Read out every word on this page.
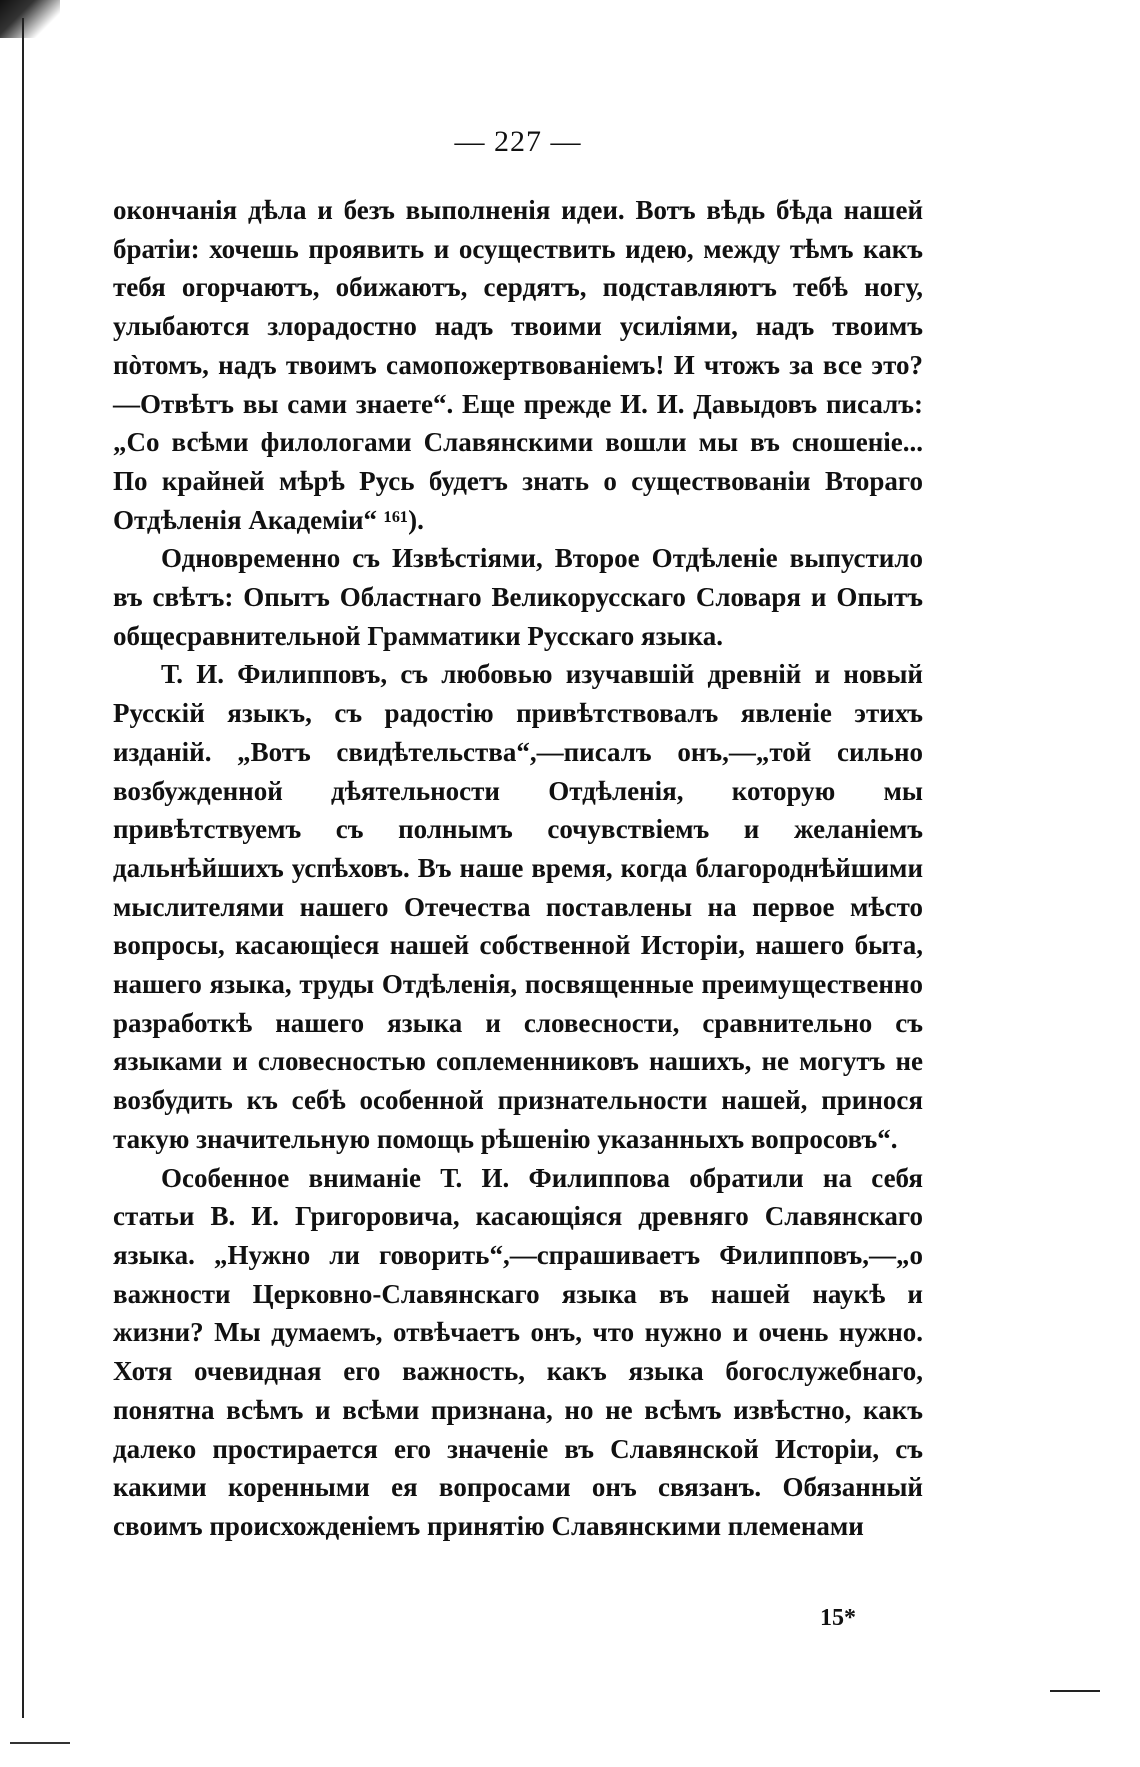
— 227 —

окончанія дѣла и безъ выполненія идеи. Вотъ вѣдь бѣда нашей братіи: хочешь проявить и осуществить идею, между тѣмъ какъ тебя огорчаютъ, обижаютъ, сердятъ, подставляютъ тебѣ ногу, улыбаются злорадостно надъ твоими усиліями, надъ твоимъ пòтомъ, надъ твоимъ самопожертвованіемъ! И чтожъ за все это?—Отвѣтъ вы сами знаете“. Еще прежде И. И. Давыдовъ писалъ: „Со всѣми филологами Славянскими вошли мы въ сношеніе... По крайней мѣрѣ Русь будетъ знать о существованіи Втораго Отдѣленія Академіи“ ¹⁶¹).

Одновременно съ Извѣстіями, Второе Отдѣленіе выпустило въ свѣтъ: Опытъ Областнаго Великорусскаго Словаря и Опытъ общесравнительной Грамматики Русскаго языка.

Т. И. Филипповъ, съ любовью изучавшій древній и новый Русскій языкъ, съ радостію привѣтствовалъ явленіе этихъ изданій. „Вотъ свидѣтельства“,—писалъ онъ,—„той сильно возбужденной дѣятельности Отдѣленія, которую мы привѣтствуемъ съ полнымъ сочувствіемъ и желаніемъ дальнѣйшихъ успѣховъ. Въ наше время, когда благороднѣйшими мыслителями нашего Отечества поставлены на первое мѣсто вопросы, касающіеся нашей собственной Исторіи, нашего быта, нашего языка, труды Отдѣленія, посвященные преимущественно разработкѣ нашего языка и словесности, сравнительно съ языками и словесностью соплеменниковъ нашихъ, не могутъ не возбудить къ себѣ особенной признательности нашей, принося такую значительную помощь рѣшенію указанныхъ вопросовъ“.

Особенное вниманіе Т. И. Филиппова обратили на себя статьи В. И. Григоровича, касающіяся древняго Славянскаго языка. „Нужно ли говорить“,—спрашиваетъ Филипповъ,—„о важности Церковно-Славянскаго языка въ нашей наукѣ и жизни? Мы думаемъ, отвѣчаетъ онъ, что нужно и очень нужно. Хотя очевидная его важность, какъ языка богослужебнаго, понятна всѣмъ и всѣми признана, но не всѣмъ извѣстно, какъ далеко простирается его значеніе въ Славянской Исторіи, съ какими коренными ея вопросами онъ связанъ. Обязанный своимъ происхожденіемъ принятію Славянскими племенами

15*
